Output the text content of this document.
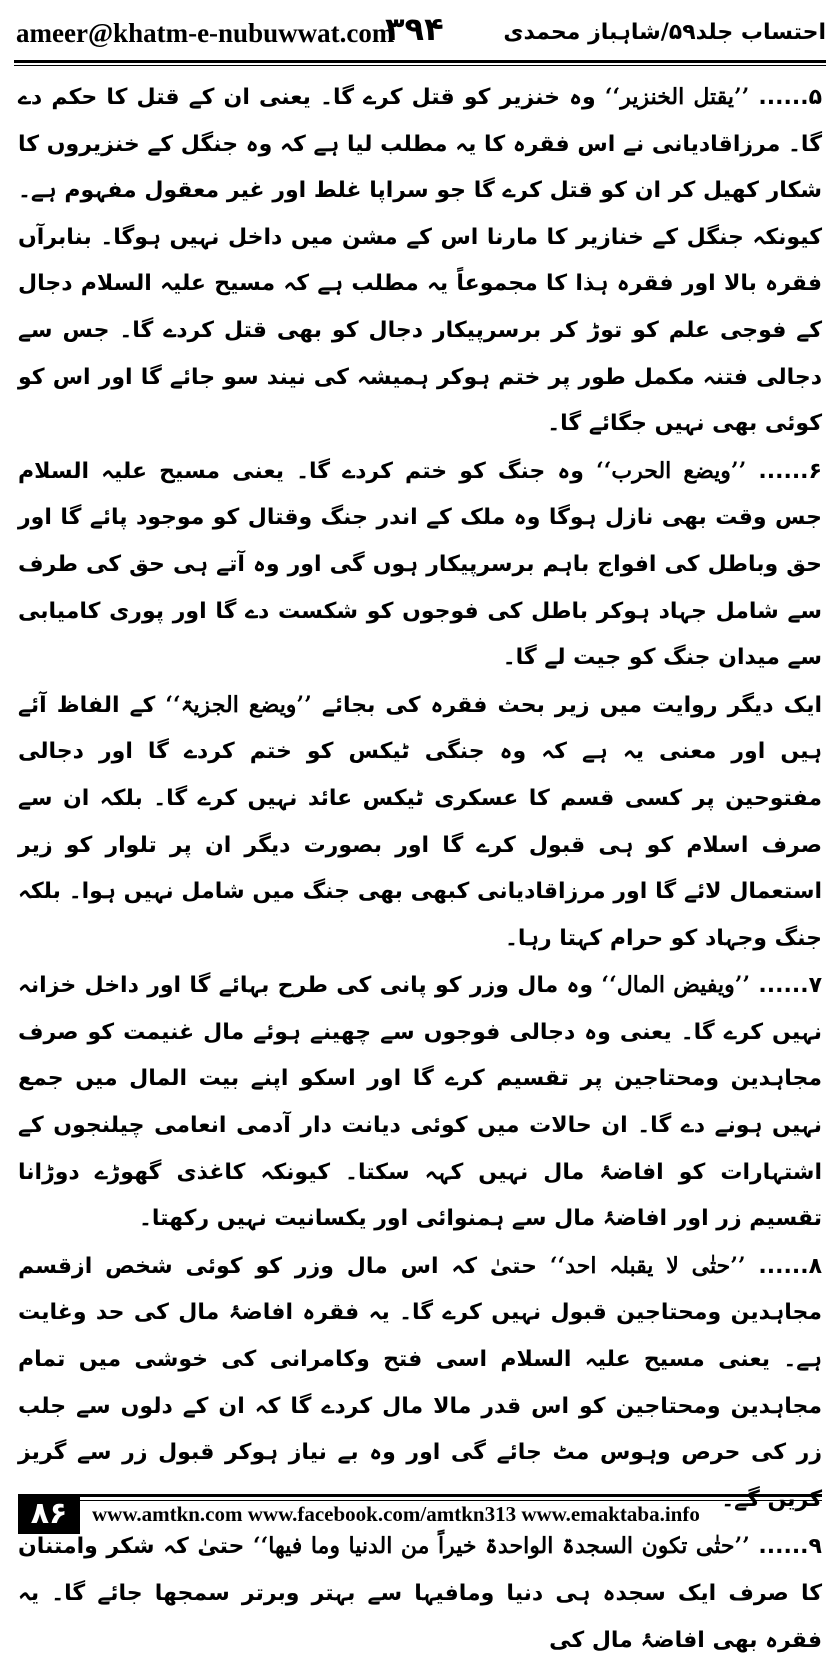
ameer@khatm-e-nubuwwat.com
۳۹۴	احتساب جلد۵۹/شاہباز محمدی

۵...... ’’یقتل الخنزیر‘‘ وہ خنزیر کو قتل کرے گا۔ یعنی ان کے قتل کا حکم دے گا۔ مرزاقادیانی نے اس فقرہ کا یہ مطلب لیا ہے کہ وہ جنگل کے خنزیروں کا شکار کھیل کر ان کو قتل کرے گا جو سراپا غلط اور غیر معقول مفہوم ہے۔ کیونکہ جنگل کے خنازیر کا مارنا اس کے مشن میں داخل نہیں ہوگا۔ بنابرآں فقرہ بالا اور فقرہ ہذا کا مجموعاً یہ مطلب ہے کہ مسیح علیہ السلام دجال کے فوجی علم کو توڑ کر برسرپیکار دجال کو بھی قتل کردے گا۔ جس سے دجالی فتنہ مکمل طور پر ختم ہوکر ہمیشہ کی نیند سو جائے گا اور اس کو کوئی بھی نہیں جگائے گا۔

۶...... ’’ویضع الحرب‘‘ وہ جنگ کو ختم کردے گا۔ یعنی مسیح علیہ السلام جس وقت بھی نازل ہوگا وہ ملک کے اندر جنگ وقتال کو موجود پائے گا اور حق وباطل کی افواج باہم برسرپیکار ہوں گی اور وہ آتے ہی حق کی طرف سے شامل جہاد ہوکر باطل کی فوجوں کو شکست دے گا اور پوری کامیابی سے میدان جنگ کو جیت لے گا۔

ایک دیگر روایت میں زیر بحث فقرہ کی بجائے ’’ویضع الجزیۃ‘‘ کے الفاظ آئے ہیں اور معنی یہ ہے کہ وہ جنگی ٹیکس کو ختم کردے گا اور دجالی مفتوحین پر کسی قسم کا عسکری ٹیکس عائد نہیں کرے گا۔ بلکہ ان سے صرف اسلام کو ہی قبول کرے گا اور بصورت دیگر ان پر تلوار کو زیر استعمال لائے گا اور مرزاقادیانی کبھی بھی جنگ میں شامل نہیں ہوا۔ بلکہ جنگ وجہاد کو حرام کہتا رہا۔

۷...... ’’ویفیض المال‘‘ وہ مال وزر کو پانی کی طرح بہائے گا اور داخل خزانہ نہیں کرے گا۔ یعنی وہ دجالی فوجوں سے چھینے ہوئے مال غنیمت کو صرف مجاہدین ومحتاجین پر تقسیم کرے گا اور اسکو اپنے بیت المال میں جمع نہیں ہونے دے گا۔ ان حالات میں کوئی دیانت دار آدمی انعامی چیلنجوں کے اشتہارات کو افاضۂ مال نہیں کہہ سکتا۔ کیونکہ کاغذی گھوڑے دوڑانا تقسیم زر اور افاضۂ مال سے ہمنوائی اور یکسانیت نہیں رکھتا۔

۸...... ’’حتٰی لا یقبلہ احد‘‘ حتیٰ کہ اس مال وزر کو کوئی شخص ازقسم مجاہدین ومحتاجین قبول نہیں کرے گا۔ یہ فقرہ افاضۂ مال کی حد وغایت ہے۔ یعنی مسیح علیہ السلام اسی فتح وکامرانی کی خوشی میں تمام مجاہدین ومحتاجین کو اس قدر مالا مال کردے گا کہ ان کے دلوں سے جلب زر کی حرص وہوس مٹ جائے گی اور وہ بے نیاز ہوکر قبول زر سے گریز

۹...... ’’حتٰی تکون السجدۃ الواحدۃ خیراً من الدنیا وما فیھا‘‘ حتیٰ کہ شکر وامتنان کا صرف ایک سجدہ ہی دنیا ومافیہا سے بہتر وبرتر سمجھا جائے گا۔ یہ فقرہ بھی افاضۂ مال کی

۸۶	www.amtkn.com www.facebook.com/amtkn313 www.emaktaba.info
